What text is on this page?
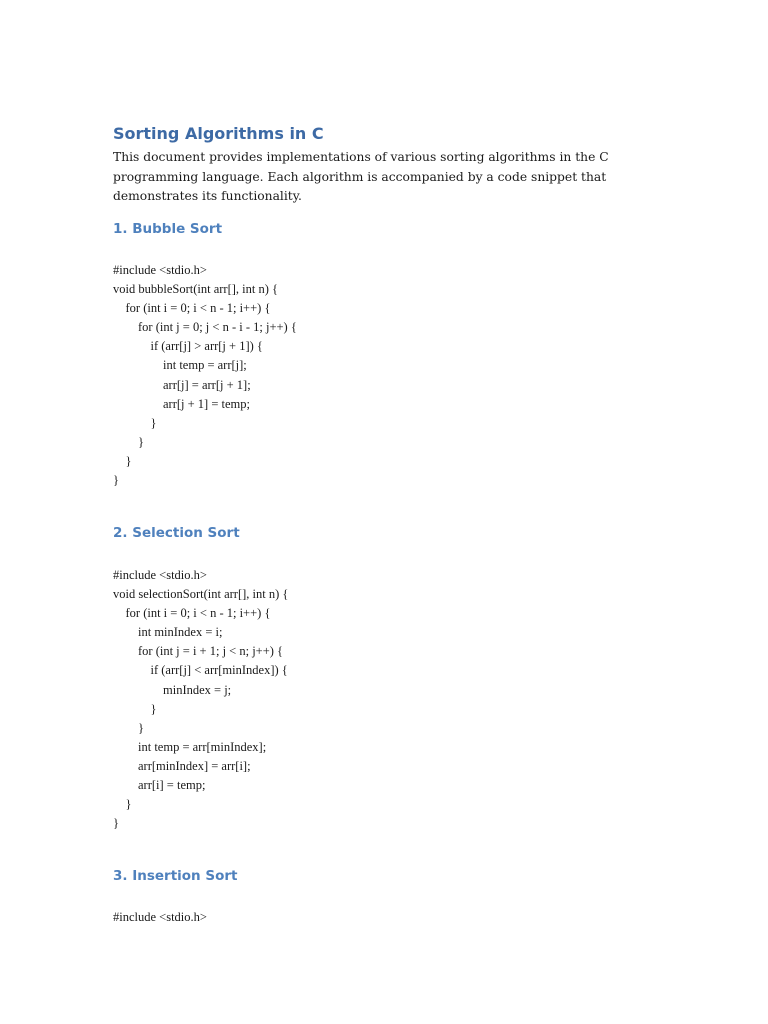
Sorting Algorithms in C

This document provides implementations of various sorting algorithms in the C programming language. Each algorithm is accompanied by a code snippet that demonstrates its functionality.

1. Bubble Sort
#include <stdio.h>
void bubbleSort(int arr[], int n) {
for (int i = 0; i < n - 1; i++) {
for (int j = 0; j < n - i - 1; j++) {
if (arr[j] > arr[j + 1]) {
int temp = arr[j];
arr[j] = arr[j + 1];
arr[j + 1] = temp;
}
}
}
}
2. Selection Sort
#include <stdio.h>
void selectionSort(int arr[], int n) {
for (int i = 0; i < n - 1; i++) {
int minIndex = i;
for (int j = i + 1; j < n; j++) {
if (arr[j] < arr[minIndex]) {
minIndex = j;
}
}
int temp = arr[minIndex];
arr[minIndex] = arr[i];
arr[i] = temp;
}
}
3. Insertion Sort
#include <stdio.h>
